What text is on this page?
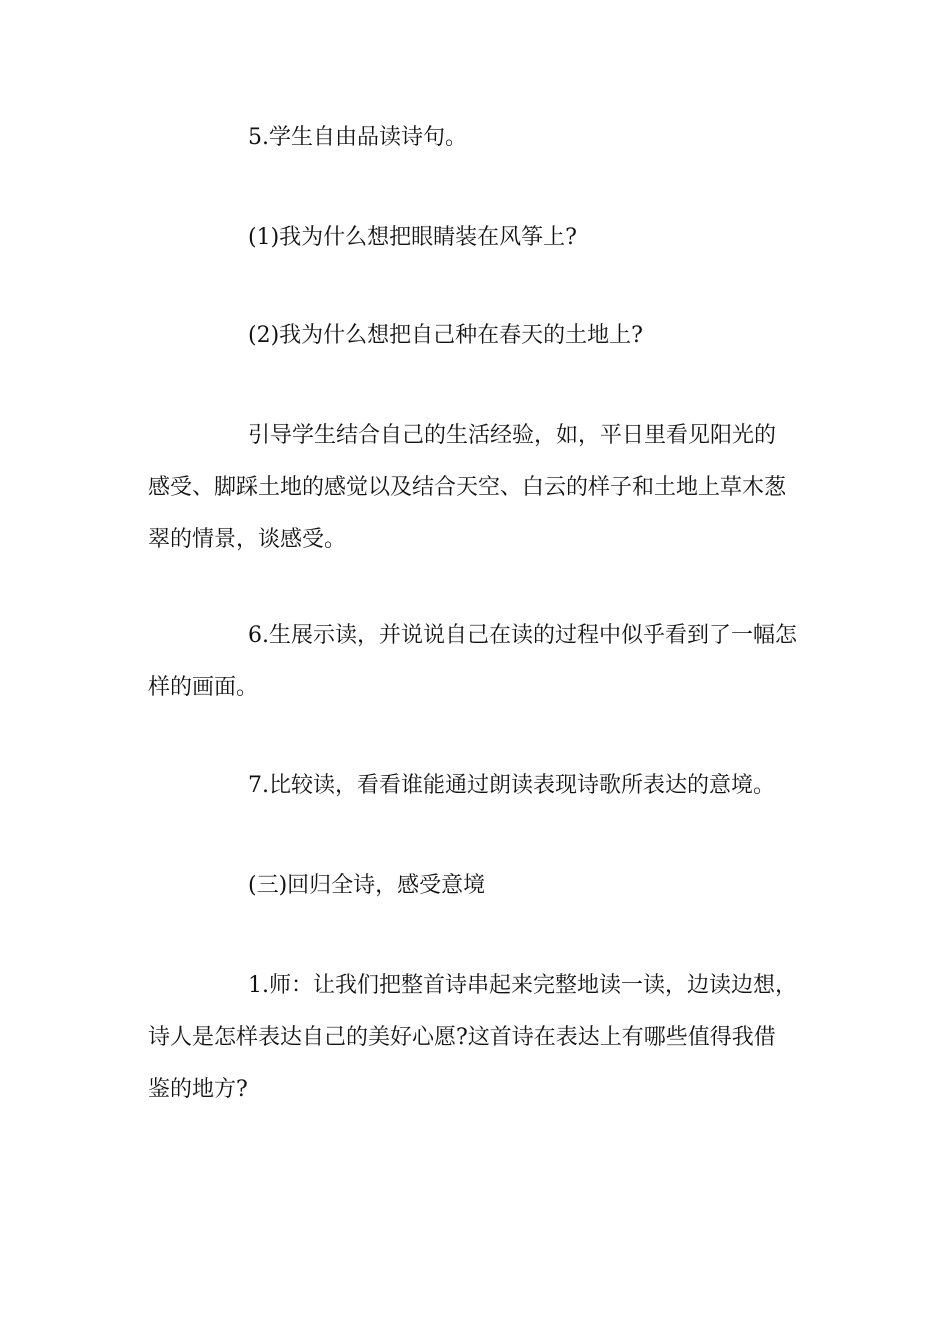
5.学生自由品读诗句。
(1)我为什么想把眼睛装在风筝上?
(2)我为什么想把自己种在春天的土地上?
引导学生结合自己的生活经验，如，平日里看见阳光的
感受、脚踩土地的感觉以及结合天空、白云的样子和土地上草木葱
翠的情景，谈感受。
6.生展示读，并说说自己在读的过程中似乎看到了一幅怎
样的画面。
7.比较读，看看谁能通过朗读表现诗歌所表达的意境。
(三)回归全诗，感受意境
1.师：让我们把整首诗串起来完整地读一读，边读边想，
诗人是怎样表达自己的美好心愿?这首诗在表达上有哪些值得我借
鉴的地方?
